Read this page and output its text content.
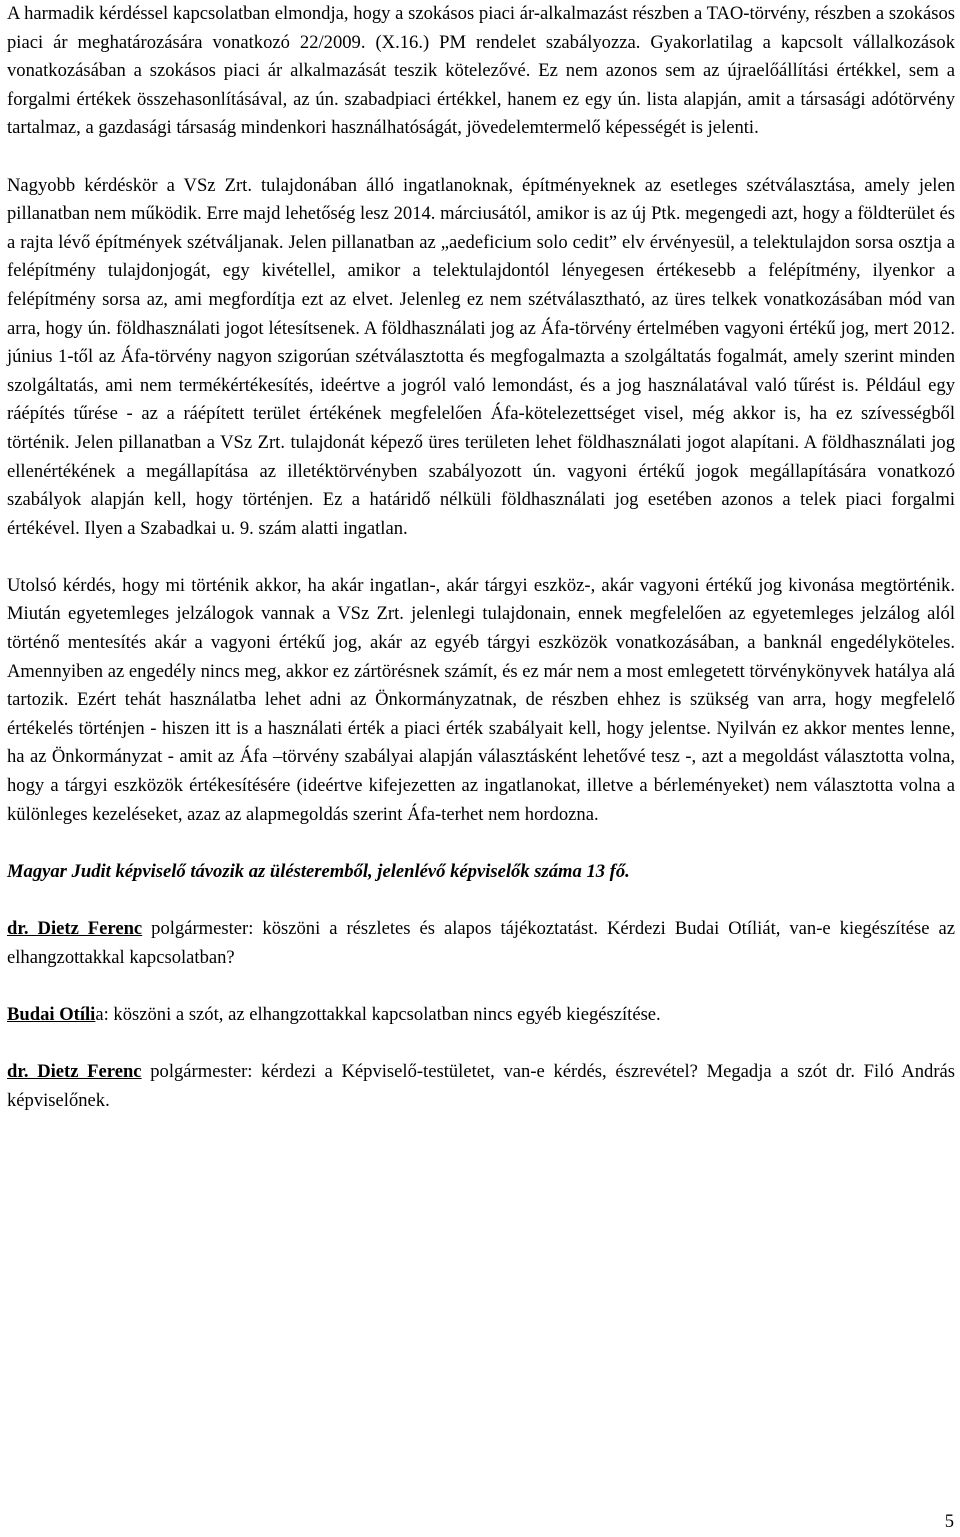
A harmadik kérdéssel kapcsolatban elmondja, hogy a szokásos piaci ár-alkalmazást részben a TAO-törvény, részben a szokásos piaci ár meghatározására vonatkozó 22/2009. (X.16.) PM rendelet szabályozza. Gyakorlatilag a kapcsolt vállalkozások vonatkozásában a szokásos piaci ár alkalmazását teszik kötelezővé. Ez nem azonos sem az újraelőállítási értékkel, sem a forgalmi értékek összehasonlításával, az ún. szabadpiaci értékkel, hanem ez egy ún. lista alapján, amit a társasági adótörvény tartalmaz, a gazdasági társaság mindenkori használhatóságát, jövedelemtermelő képességét is jelenti.

Nagyobb kérdéskör a VSz Zrt. tulajdonában álló ingatlanoknak, építményeknek az esetleges szétválasztása, amely jelen pillanatban nem működik. Erre majd lehetőség lesz 2014. márciusától, amikor is az új Ptk. megengedi azt, hogy a földterület és a rajta lévő építmények szétváljanak. Jelen pillanatban az „aedeficium solo cedit” elv érvényesül, a telektulajdon sorsa osztja a felépítmény tulajdonjogát, egy kivétellel, amikor a telektulajdontól lényegesen értékesebb a felépítmény, ilyenkor a felépítmény sorsa az, ami megfordítja ezt az elvet. Jelenleg ez nem szétválasztható, az üres telkek vonatkozásában mód van arra, hogy ún. földhasználati jogot létesítsenek. A földhasználati jog az Áfa-törvény értelmében vagyoni értékű jog, mert 2012. június 1-től az Áfa-törvény nagyon szigorúan szétválasztotta és megfogalmazta a szolgáltatás fogalmát, amely szerint minden szolgáltatás, ami nem termékértékesítés, ideértve a jogról való lemondást, és a jog használatával való tűrést is. Például egy ráépítés tűrése - az a ráépített terület értékének megfelelően Áfa-kötelezettséget visel, még akkor is, ha ez szívességből történik. Jelen pillanatban a VSz Zrt. tulajdonát képező üres területen lehet földhasználati jogot alapítani. A földhasználati jog ellenértékének a megállapítása az illetéktörvényben szabályozott ún. vagyoni értékű jogok megállapítására vonatkozó szabályok alapján kell, hogy történjen. Ez a határidő nélküli földhasználati jog esetében azonos a telek piaci forgalmi értékével. Ilyen a Szabadkai u. 9. szám alatti ingatlan.

Utolsó kérdés, hogy mi történik akkor, ha akár ingatlan-, akár tárgyi eszköz-, akár vagyoni értékű jog kivonása megtörténik. Miután egyetemleges jelzálogok vannak a VSz Zrt. jelenlegi tulajdonain, ennek megfelelően az egyetemleges jelzálog alól történő mentesítés akár a vagyoni értékű jog, akár az egyéb tárgyi eszközök vonatkozásában, a banknál engedélyköteles. Amennyiben az engedély nincs meg, akkor ez zártörésnek számít, és ez már nem a most emlegetett törvénykönyvek hatálya alá tartozik. Ezért tehát használatba lehet adni az Önkormányzatnak, de részben ehhez is szükség van arra, hogy megfelelő értékelés történjen - hiszen itt is a használati érték a piaci érték szabályait kell, hogy jelentse. Nyilván ez akkor mentes lenne, ha az Önkormányzat - amit az Áfa –törvény szabályai alapján választásként lehetővé tesz -, azt a megoldást választotta volna, hogy a tárgyi eszközök értékesítésére (ideértve kifejezetten az ingatlanokat, illetve a bérleményeket) nem választotta volna a különleges kezeléseket, azaz az alapmegoldás szerint Áfa-terhet nem hordozna.

Magyar Judit képviselő távozik az ülésteremből, jelenlévő képviselők száma 13 fő.

dr. Dietz Ferenc polgármester: köszöni a részletes és alapos tájékoztatást. Kérdezi Budai Otíliát, van-e kiegészítése az elhangzottakkal kapcsolatban?

Budai Otília: köszöni a szót, az elhangzottakkal kapcsolatban nincs egyéb kiegészítése.

dr. Dietz Ferenc polgármester: kérdezi a Képviselő-testületet, van-e kérdés, észrevétel? Megadja a szót dr. Filó András képviselőnek.

5
